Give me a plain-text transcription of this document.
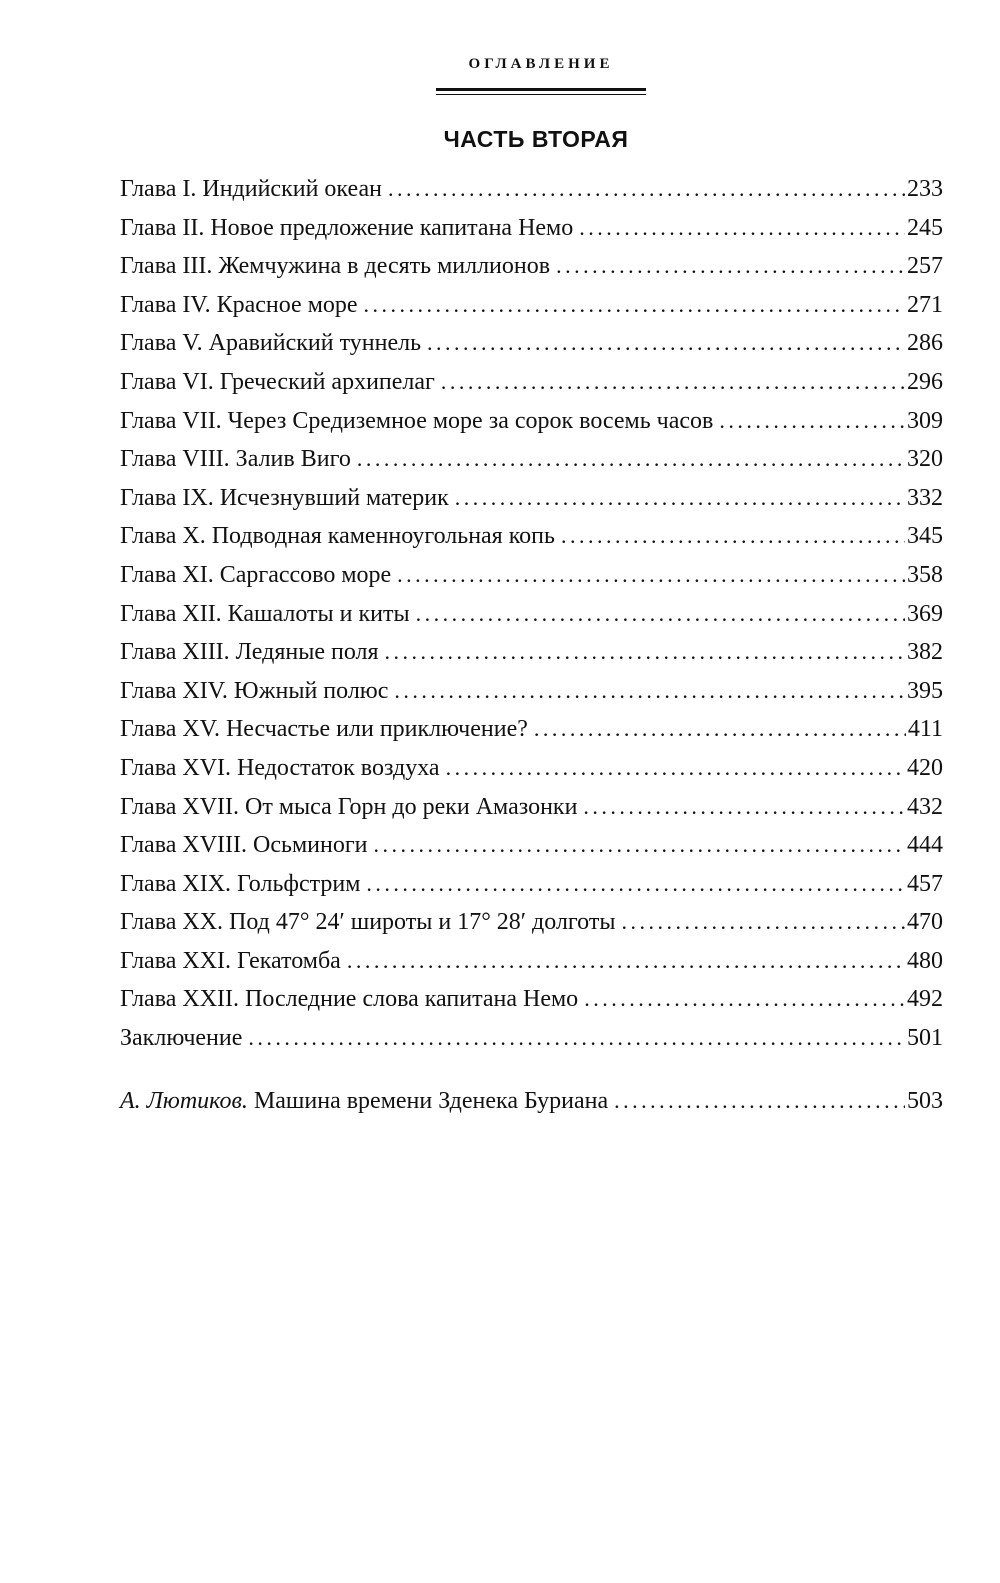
ОГЛАВЛЕНИЕ
ЧАСТЬ ВТОРАЯ
Глава I. Индийский океан . . .	233
Глава II. Новое предложение капитана Немо . . .	245
Глава III. Жемчужина в десять миллионов . . .	257
Глава IV. Красное море . . .	271
Глава V. Аравийский туннель . . .	286
Глава VI. Греческий архипелаг . . .	296
Глава VII. Через Средиземное море за сорок восемь часов . . .	309
Глава VIII. Залив Виго . . .	320
Глава IX. Исчезнувший материк . . .	332
Глава X. Подводная каменноугольная копь . . .	345
Глава XI. Саргассово море . . .	358
Глава XII. Кашалоты и киты . . .	369
Глава XIII. Ледяные поля . . .	382
Глава XIV. Южный полюс . . .	395
Глава XV. Несчастье или приключение? . . .	411
Глава XVI. Недостаток воздуха . . .	420
Глава XVII. От мыса Горн до реки Амазонки . . .	432
Глава XVIII. Осьминоги . . .	444
Глава XIX. Гольфстрим . . .	457
Глава XX. Под 47° 24′ широты и 17° 28′ долготы . . .	470
Глава XXI. Гекатомба . . .	480
Глава XXII. Последние слова капитана Немо . . .	492
Заключение . . .	501
А. Лютиков. Машина времени Зденека Буриана . . .	503
